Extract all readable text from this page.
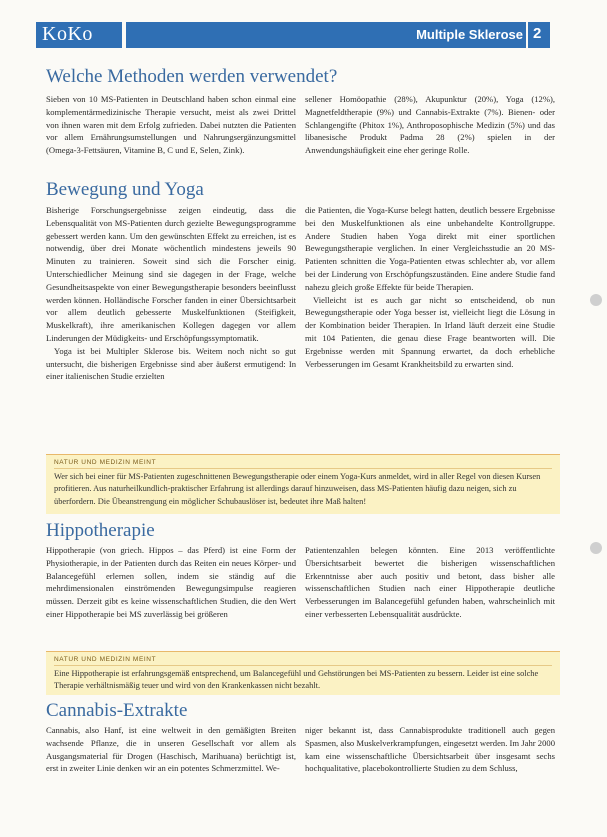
KoKo	Multiple Sklerose 2
Welche Methoden werden verwendet?

Sieben von 10 MS-Patienten in Deutschland haben schon einmal eine komplementärmedizinische Therapie versucht, meist als zwei Drittel von ihnen waren mit dem Erfolg zufrieden. Dabei nutzten die Patienten vor allem Ernährungsumstellungen und Nahrungsergänzungsmittel (Omega-3-Fettsäuren, Vitamine B, C und E, Selen, Zink).

sellener Homöopathie (28%), Akupunktur (20%), Yoga (12%), Magnetfeldtherapie (9%) und Cannabis-Extrakte (7%). Bienen- oder Schlangengifte (Phitox 1%), Anthroposophische Medizin (5%) und das libanesische Produkt Padma 28 (2%) spielen in der Anwendungshäufigkeit eine eher geringe Rolle.

Bewegung und Yoga

Bisherige Forschungsergebnisse zeigen eindeutig, dass die Lebensqualität von MS-Patienten durch gezielte Bewegungsprogramme gebessert werden kann. Um den gewünschten Effekt zu erreichen, ist es notwendig, über drei Monate wöchentlich mindestens jeweils 90 Minuten zu trainieren. Soweit sind sich die Forscher einig. Unterschiedlicher Meinung sind sie dagegen in der Frage, welche Gesundheitsaspekte von einer Bewegungstherapie besonders beeinflusst werden können. Holländische Forscher fanden in einer Übersichtsarbeit vor allem deutlich gebesserte Muskelfunktionen (Steifigkeit, Muskelkraft), ihre amerikanischen Kollegen dagegen vor allem Linderungen der Müdigkeits- und Erschöpfungssymptomatik.

Yoga ist bei Multipler Sklerose bis. Weitem noch nicht so gut untersucht, die bisherigen Ergebnisse sind aber äußerst ermutigend: In einer italienischen Studie erzielten

die Patienten, die Yoga-Kurse belegt hatten, deutlich bessere Ergebnisse bei den Muskelfunktionen als eine unbehandelte Kontrollgruppe. Andere Studien haben Yoga direkt mit einer sportlichen Bewegungstherapie verglichen. In einer Vergleichsstudie an 20 MS-Patienten schnitten die Yoga-Patienten etwas schlechter ab, vor allem bei der Linderung von Erschöpfungszuständen. Eine andere Studie fand nahezu gleich große Effekte für beide Therapien.

Vielleicht ist es auch gar nicht so entscheidend, ob nun Bewegungstherapie oder Yoga besser ist, vielleicht liegt die Lösung in der Kombination beider Therapien. In Irland läuft derzeit eine Studie mit 104 Patienten, die genau diese Frage beantworten will. Die Ergebnisse werden mit Spannung erwartet, da doch erhebliche Verbesserungen im Gesamt Krankheitsbild zu erwarten sind.

NATUR UND MEDIZIN MEINT
Wer sich bei einer für MS-Patienten zugeschnittenen Bewegungstherapie oder einem Yoga-Kurs anmeldet, wird in aller Regel von diesen Kursen profitieren. Aus naturheilkundlich-praktischer Erfahrung ist allerdings darauf hinzuweisen, dass MS-Patienten häufig dazu neigen, sich zu überfordern. Die Übeanstrengung ein möglicher Schubauslöser ist, bedeutet ihre Maß halten!
Hippotherapie

Hippotherapie (von griech. Hippos – das Pferd) ist eine Form der Physiotherapie, in der Patienten durch das Reiten ein neues Körper- und Balancegefühl erlernen sollen, indem sie ständig auf die mehrdimensionalen einströmenden Bewegungsimpulse reagieren müssen. Derzeit gibt es keine wissenschaftlichen Studien, die den Wert einer Hippotherapie bei MS zuverlässig bei größeren

Patientenzahlen belegen könnten. Eine 2013 veröffentlichte Übersichtsarbeit bewertet die bisherigen wissenschaftlichen Erkenntnisse aber auch positiv und betont, dass bisher alle wissenschaftlichen Studien nach einer Hippotherapie deutliche Verbesserungen im Balancegefühl gefunden haben, wahrscheinlich mit einer verbesserten Lebensqualität ausdrückte.

NATUR UND MEDIZIN MEINT
Eine Hippotherapie ist erfahrungsgemäß entsprechend, um Balancegefühl und Gehstörungen bei MS-Patienten zu bessern. Leider ist eine solche Therapie verhältnismäßig teuer und wird von den Krankenkassen nicht bezahlt.
Cannabis-Extrakte

Cannabis, also Hanf, ist eine weltweit in den gemäßigten Breiten wachsende Pflanze, die in unseren Gesellschaft vor allem als Ausgangsmaterial für Drogen (Haschisch, Marihuana) berüchtigt ist, erst in zweiter Linie denken wir an ein potentes Schmerzmittel. We-

niger bekannt ist, dass Cannabisprodukte traditionell auch gegen Spasmen, also Muskelverkrampfungen, eingesetzt werden. Im Jahr 2000 kam eine wissenschaftliche Übersichtsarbeit über insgesamt sechs hochqualitative, placebokontrollierte Studien zu dem Schluss,
